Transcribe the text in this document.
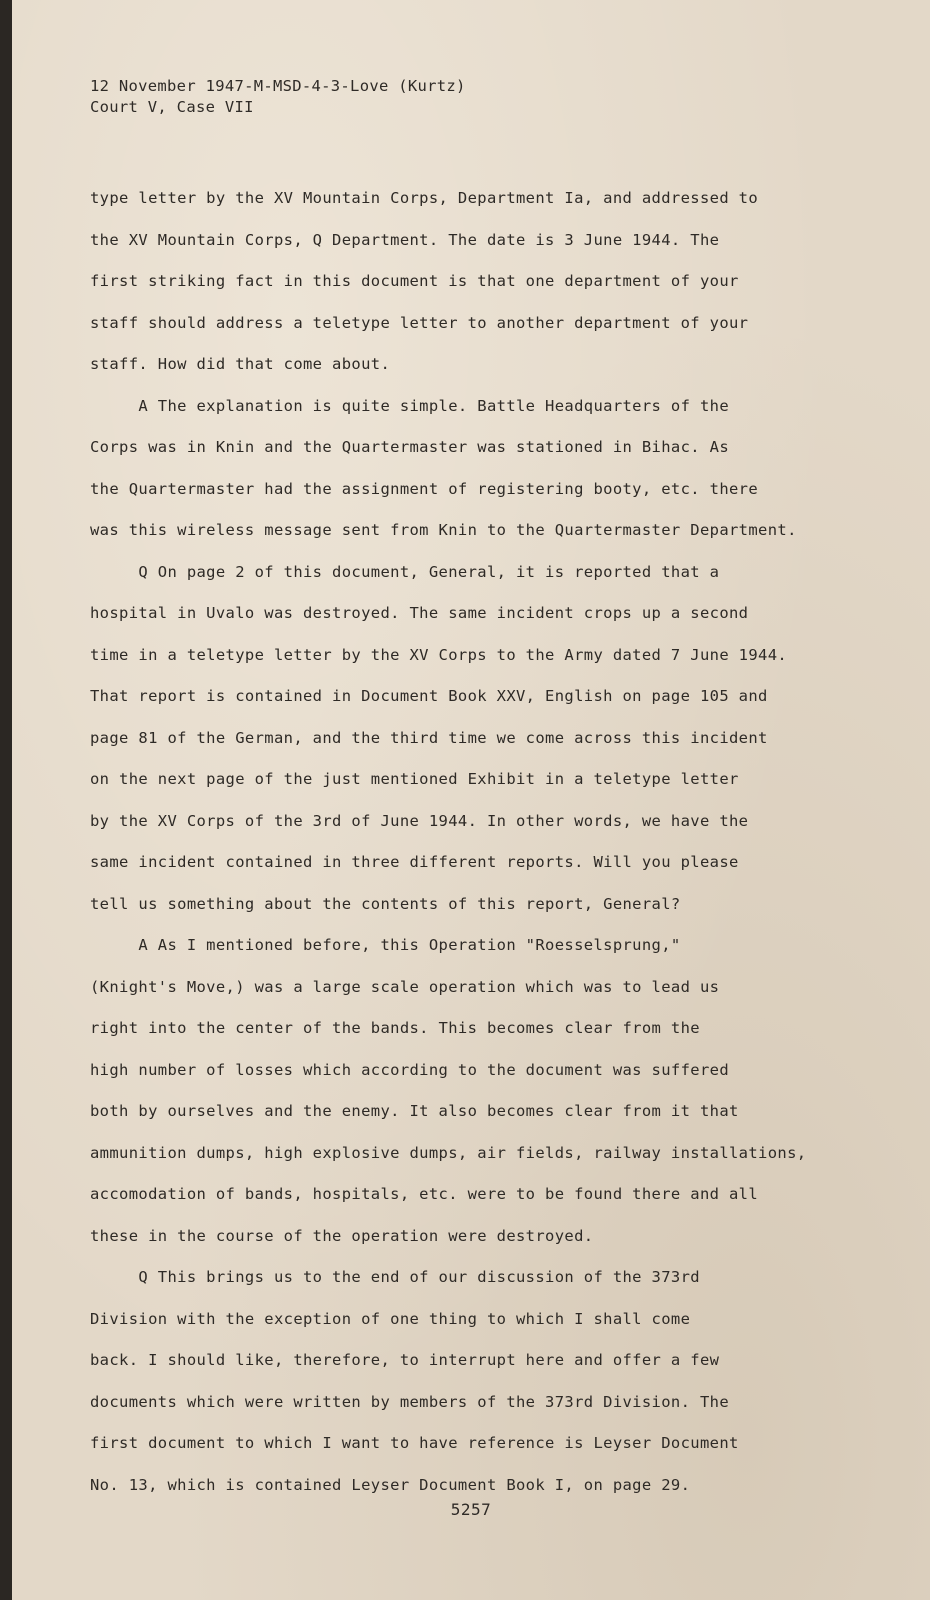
12 November 1947-M-MSD-4-3-Love (Kurtz)
Court V, Case VII
type letter by the XV Mountain Corps, Department Ia, and addressed to
the XV Mountain Corps, Q Department. The date is 3 June 1944. The
first striking fact in this document is that one department of your
staff should address a teletype letter to another department of your
staff. How did that come about.
A The explanation is quite simple. Battle Headquarters of the
Corps was in Knin and the Quartermaster was stationed in Bihac. As
the Quartermaster had the assignment of registering booty, etc. there
was this wireless message sent from Knin to the Quartermaster Department.
Q On page 2 of this document, General, it is reported that a
hospital in Uvalo was destroyed. The same incident crops up a second
time in a teletype letter by the XV Corps to the Army dated 7 June 1944.
That report is contained in Document Book XXV, English on page 105 and
page 81 of the German, and the third time we come across this incident
on the next page of the just mentioned Exhibit in a teletype letter
by the XV Corps of the 3rd of June 1944. In other words, we have the
same incident contained in three different reports. Will you please
tell us something about the contents of this report, General?
A As I mentioned before, this Operation "Roesselsprung,"
(Knight's Move,) was a large scale operation which was to lead us
right into the center of the bands. This becomes clear from the
high number of losses which according to the document was suffered
both by ourselves and the enemy. It also becomes clear from it that
ammunition dumps, high explosive dumps, air fields, railway installations,
accomodation of bands, hospitals, etc. were to be found there and all
these in the course of the operation were destroyed.
Q This brings us to the end of our discussion of the 373rd
Division with the exception of one thing to which I shall come
back. I should like, therefore, to interrupt here and offer a few
documents which were written by members of the 373rd Division. The
first document to which I want to have reference is Leyser Document
No. 13, which is contained Leyser Document Book I, on page 29.
5257
